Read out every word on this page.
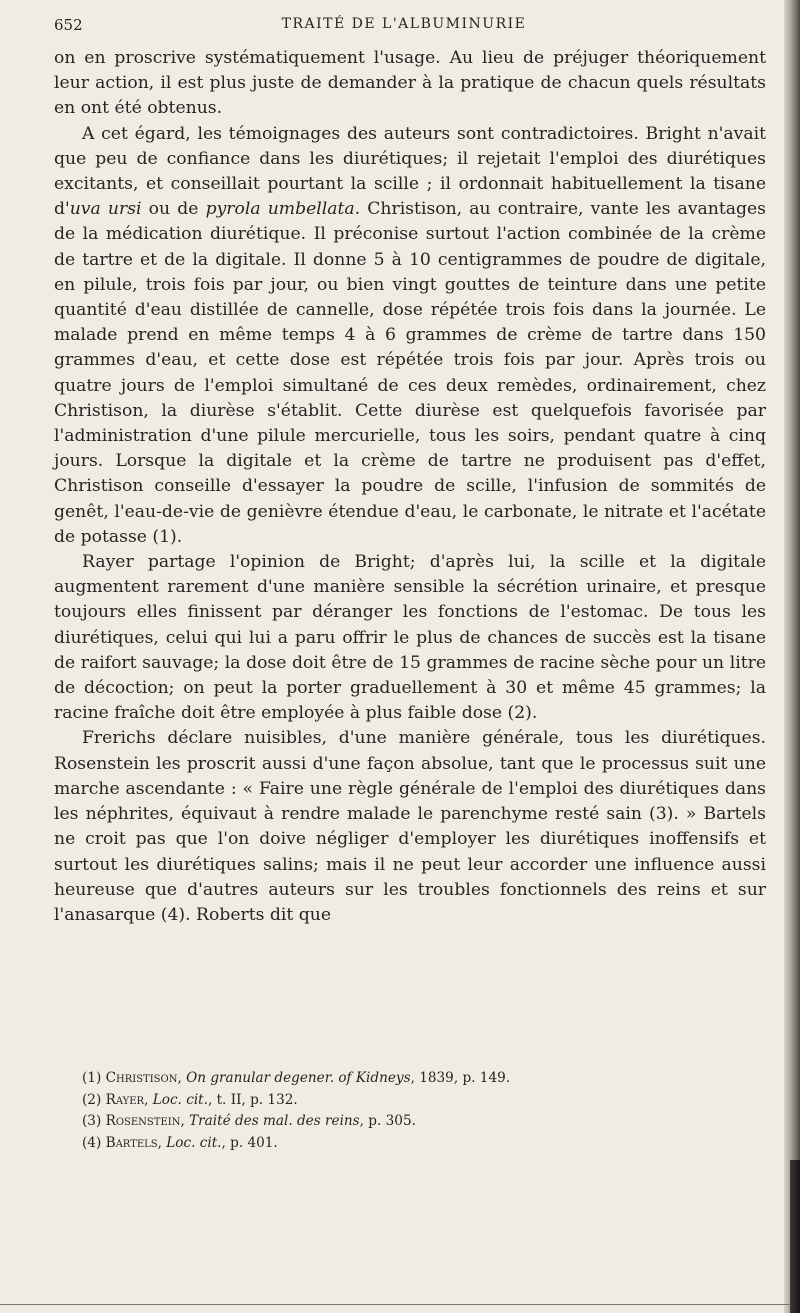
652	TRAITÉ DE L'ALBUMINURIE

on en proscrive systématiquement l'usage. Au lieu de préjuger théoriquement leur action, il est plus juste de demander à la pratique de chacun quels résultats en ont été obtenus.

A cet égard, les témoignages des auteurs sont contradictoires. Bright n'avait que peu de confiance dans les diurétiques; il rejetait l'emploi des diurétiques excitants, et conseillait pourtant la scille ; il ordonnait habituellement la tisane d'uva ursi ou de pyrola umbellata. Christison, au contraire, vante les avantages de la médication diurétique. Il préconise surtout l'action combinée de la crème de tartre et de la digitale. Il donne 5 à 10 centigrammes de poudre de digitale, en pilule, trois fois par jour, ou bien vingt gouttes de teinture dans une petite quantité d'eau distillée de cannelle, dose répétée trois fois dans la journée. Le malade prend en même temps 4 à 6 grammes de crème de tartre dans 150 grammes d'eau, et cette dose est répétée trois fois par jour. Après trois ou quatre jours de l'emploi simultané de ces deux remèdes, ordinairement, chez Christison, la diurèse s'établit. Cette diurèse est quelquefois favorisée par l'administration d'une pilule mercurielle, tous les soirs, pendant quatre à cinq jours. Lorsque la digitale et la crème de tartre ne produisent pas d'effet, Christison conseille d'essayer la poudre de scille, l'infusion de sommités de genêt, l'eau-de-vie de genièvre étendue d'eau, le carbonate, le nitrate et l'acétate de potasse (1).

Rayer partage l'opinion de Bright; d'après lui, la scille et la digitale augmentent rarement d'une manière sensible la sécrétion urinaire, et presque toujours elles finissent par déranger les fonctions de l'estomac. De tous les diurétiques, celui qui lui a paru offrir le plus de chances de succès est la tisane de raifort sauvage; la dose doit être de 15 grammes de racine sèche pour un litre de décoction; on peut la porter graduellement à 30 et même 45 grammes; la racine fraîche doit être employée à plus faible dose (2).

Frerichs déclare nuisibles, d'une manière générale, tous les diurétiques. Rosenstein les proscrit aussi d'une façon absolue, tant que le processus suit une marche ascendante : « Faire une règle générale de l'emploi des diurétiques dans les néphrites, équivaut à rendre malade le parenchyme resté sain (3). » Bartels ne croit pas que l'on doive négliger d'employer les diurétiques inoffensifs et surtout les diurétiques salins; mais il ne peut leur accorder une influence aussi heureuse que d'autres auteurs sur les troubles fonctionnels des reins et sur l'anasarque (4). Roberts dit que

(1) Christison, On granular degener. of Kidneys, 1839, p. 149.
(2) Rayer, Loc. cit., t. II, p. 132.
(3) Rosenstein, Traité des mal. des reins, p. 305.
(4) Bartels, Loc. cit., p. 401.
